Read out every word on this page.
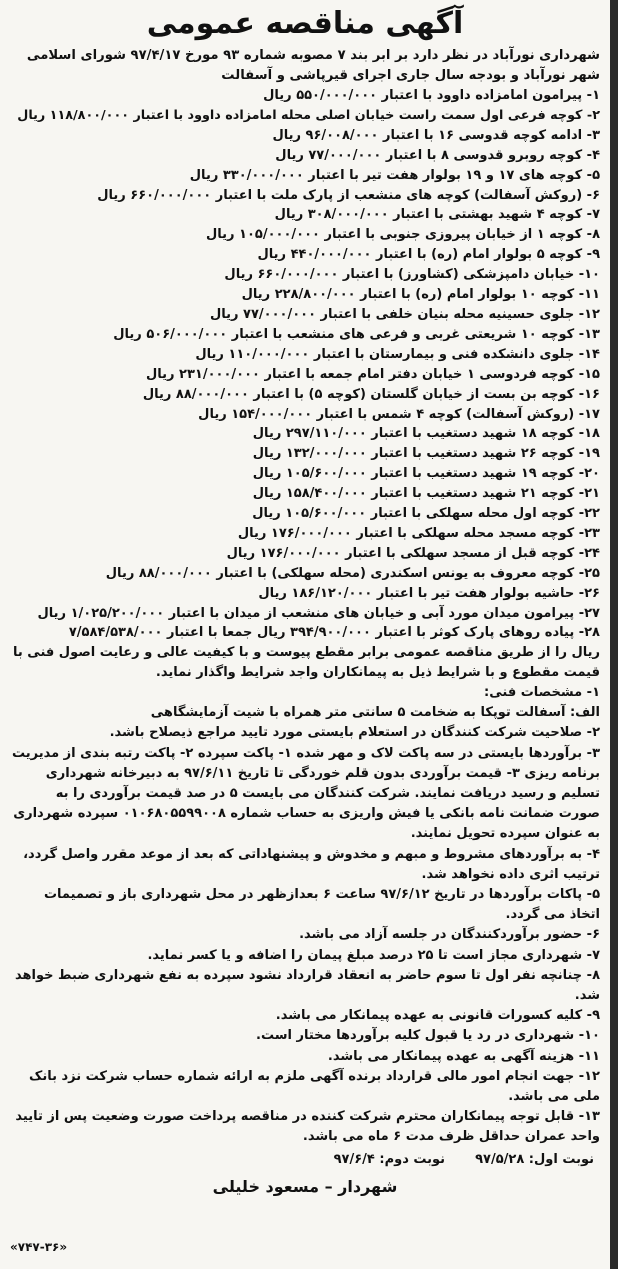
آگهی مناقصه عمومی

شهرداری نورآباد در نظر دارد بر ابر بند ۷ مصوبه شماره ۹۳ مورخ ۹۷/۴/۱۷ شورای اسلامی شهر نورآباد و بودجه سال جاری اجرای قیرپاشی و آسفالت

۱- پیرامون امامزاده داوود با اعتبار ۵۵۰/۰۰۰/۰۰۰ ریال
۲- کوچه فرعی اول سمت راست خیابان اصلی محله امامزاده داوود با اعتبار ۱۱۸/۸۰۰/۰۰۰ ریال
۳- ادامه کوچه قدوسی ۱۶ با اعتبار ۹۶/۰۰۸/۰۰۰ ریال
۴- کوچه روبرو قدوسی ۸ با اعتبار ۷۷/۰۰۰/۰۰۰ ریال
۵- کوچه های ۱۷ و ۱۹ بولوار هفت تیر با اعتبار ۳۳۰/۰۰۰/۰۰۰ ریال
۶- (روکش آسفالت) کوچه های منشعب از پارک ملت با اعتبار ۶۶۰/۰۰۰/۰۰۰ ریال
۷- کوچه ۴ شهید بهشتی با اعتبار ۳۰۸/۰۰۰/۰۰۰ ریال
۸- کوچه ۱ از خیابان پیروزی جنوبی با اعتبار ۱۰۵/۰۰۰/۰۰۰ ریال
۹- کوچه ۵ بولوار امام (ره) با اعتبار ۴۴۰/۰۰۰/۰۰۰ ریال
۱۰- خیابان دامپزشکی (کشاورز) با اعتبار ۶۶۰/۰۰۰/۰۰۰ ریال
۱۱- کوچه ۱۰ بولوار امام (ره) با اعتبار ۲۲۸/۸۰۰/۰۰۰ ریال
۱۲- جلوی حسینیه محله بنیان خلفی با اعتبار ۷۷/۰۰۰/۰۰۰ ریال
۱۳- کوچه ۱۰ شریعتی غربی و فرعی های منشعب با اعتبار ۵۰۶/۰۰۰/۰۰۰ ریال
۱۴- جلوی دانشکده فنی و بیمارستان با اعتبار ۱۱۰/۰۰۰/۰۰۰ ریال
۱۵- کوچه فردوسی ۱ خیابان دفتر امام جمعه با اعتبار ۲۳۱/۰۰۰/۰۰۰ ریال
۱۶- کوچه بن بست از خیابان گلستان (کوچه ۵) با اعتبار ۸۸/۰۰۰/۰۰۰ ریال
۱۷- (روکش آسفالت) کوچه ۴ شمس با اعتبار ۱۵۴/۰۰۰/۰۰۰ ریال
۱۸- کوچه ۱۸ شهید دستغیب با اعتبار ۲۹۷/۱۱۰/۰۰۰ ریال
۱۹- کوچه ۲۶ شهید دستغیب با اعتبار ۱۳۲/۰۰۰/۰۰۰ ریال
۲۰- کوچه ۱۹ شهید دستغیب با اعتبار ۱۰۵/۶۰۰/۰۰۰ ریال
۲۱- کوچه ۲۱ شهید دستغیب با اعتبار ۱۵۸/۴۰۰/۰۰۰ ریال
۲۲- کوچه اول محله سهلکی با اعتبار ۱۰۵/۶۰۰/۰۰۰ ریال
۲۳- کوچه مسجد محله سهلکی با اعتبار ۱۷۶/۰۰۰/۰۰۰ ریال
۲۴- کوچه قبل از مسجد سهلکی با اعتبار ۱۷۶/۰۰۰/۰۰۰ ریال
۲۵- کوچه معروف به یونس اسکندری (محله سهلکی) با اعتبار ۸۸/۰۰۰/۰۰۰ ریال
۲۶- حاشیه بولوار هفت تیر با اعتبار ۱۸۶/۱۲۰/۰۰۰ ریال
۲۷- پیرامون میدان مورد آبی و خیابان های منشعب از میدان با اعتبار ۱/۰۲۵/۲۰۰/۰۰۰ ریال
۲۸- پیاده روهای پارک کوثر با اعتبار ۳۹۴/۹۰۰/۰۰۰ ریال جمعا با اعتبار ۷/۵۸۴/۵۳۸/۰۰۰

ریال را از طریق مناقصه عمومی برابر مقطع پیوست و با کیفیت عالی و رعایت اصول فنی با قیمت مقطوع و با شرایط ذیل به پیمانکاران واجد شرایط واگذار نماید.

۱- مشخصات فنی:

الف: آسفالت توپکا به ضخامت ۵ سانتی متر همراه با شیت آزمایشگاهی

۲- صلاحیت شرکت کنندگان در استعلام بایستی مورد تایید مراجع ذیصلاح باشد.

۳- برآوردها بایستی در سه پاکت لاک و مهر شده ۱- پاکت سپرده ۲- پاکت رتبه بندی از مدیریت برنامه ریزی ۳- قیمت برآوردی بدون قلم خوردگی تا تاریخ ۹۷/۶/۱۱ به دبیرخانه شهرداری تسلیم و رسید دریافت نمایند. شرکت کنندگان می بایست ۵ در صد قیمت برآوردی را به صورت ضمانت نامه بانکی یا فیش واریزی به حساب شماره ۰۱۰۶۸۰۵۵۹۹۰۰۸ سپرده شهرداری به عنوان سپرده تحویل نمایند.

۴- به برآوردهای مشروط و مبهم و مخدوش و پیشنهاداتی که بعد از موعد مقرر واصل گردد، ترتیب اثری داده نخواهد شد.

۵- پاکات برآوردها در تاریخ ۹۷/۶/۱۲ ساعت ۶ بعدازظهر در محل شهرداری باز و تصمیمات اتخاذ می گردد.

۶- حضور برآوردکنندگان در جلسه آزاد می باشد.

۷- شهرداری مجاز است تا ۲۵ درصد مبلغ پیمان را اضافه و یا کسر نماید.

۸- چنانچه نفر اول تا سوم حاضر به انعقاد قرارداد نشود سپرده به نفع شهرداری ضبط خواهد شد.

۹- کلیه کسورات قانونی به عهده پیمانکار می باشد.

۱۰- شهرداری در رد یا قبول کلیه برآوردها مختار است.

۱۱- هزینه آگهی به عهده پیمانکار می باشد.

۱۲- جهت انجام امور مالی قرارداد برنده آگهی ملزم به ارائه شماره حساب شرکت نزد بانک ملی می باشد.

۱۳- قابل توجه پیمانکاران محترم شرکت کننده در مناقصه پرداخت صورت وضعیت پس از تایید واحد عمران حداقل ظرف مدت ۶ ماه می باشد.

نوبت اول: ۹۷/۵/۲۸
نوبت دوم: ۹۷/۶/۴
شهردار – مسعود خلیلی
«۷۴۷-۳۶»
